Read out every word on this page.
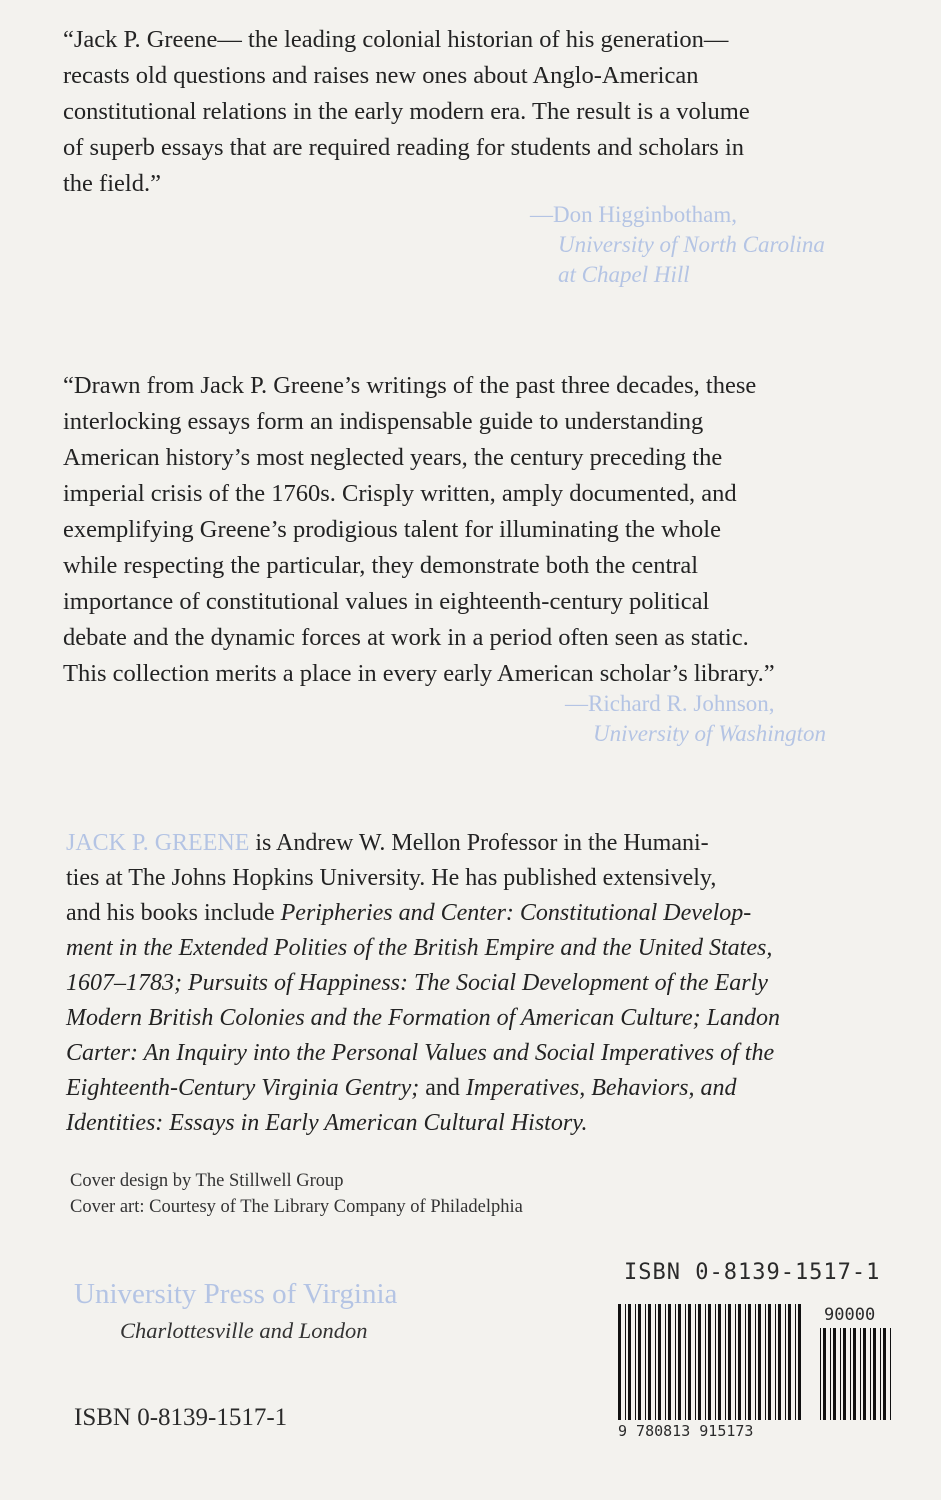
“Jack P. Greene— the leading colonial historian of his generation—
recasts old questions and raises new ones about Anglo-American
constitutional relations in the early modern era. The result is a volume
of superb essays that are required reading for students and scholars in
the field.”
—Don Higginbotham,
University of North Carolina
at Chapel Hill
“Drawn from Jack P. Greene’s writings of the past three decades, these
interlocking essays form an indispensable guide to understanding
American history’s most neglected years, the century preceding the
imperial crisis of the 1760s. Crisply written, amply documented, and
exemplifying Greene’s prodigious talent for illuminating the whole
while respecting the particular, they demonstrate both the central
importance of constitutional values in eighteenth-century political
debate and the dynamic forces at work in a period often seen as static.
This collection merits a place in every early American scholar’s library.”
—Richard R. Johnson,
University of Washington
JACK P. GREENE is Andrew W. Mellon Professor in the Humani-
ties at The Johns Hopkins University. He has published extensively,
and his books include Peripheries and Center: Constitutional Develop-
ment in the Extended Polities of the British Empire and the United States,
1607–1783; Pursuits of Happiness: The Social Development of the Early
Modern British Colonies and the Formation of American Culture; Landon
Carter: An Inquiry into the Personal Values and Social Imperatives of the
Eighteenth-Century Virginia Gentry; and Imperatives, Behaviors, and
Identities: Essays in Early American Cultural History.
Cover design by The Stillwell Group
Cover art: Courtesy of The Library Company of Philadelphia
University Press of Virginia
Charlottesville and London
ISBN 0-8139-1517-1
ISBN 0-8139-1517-1
90000
9 780813 915173
